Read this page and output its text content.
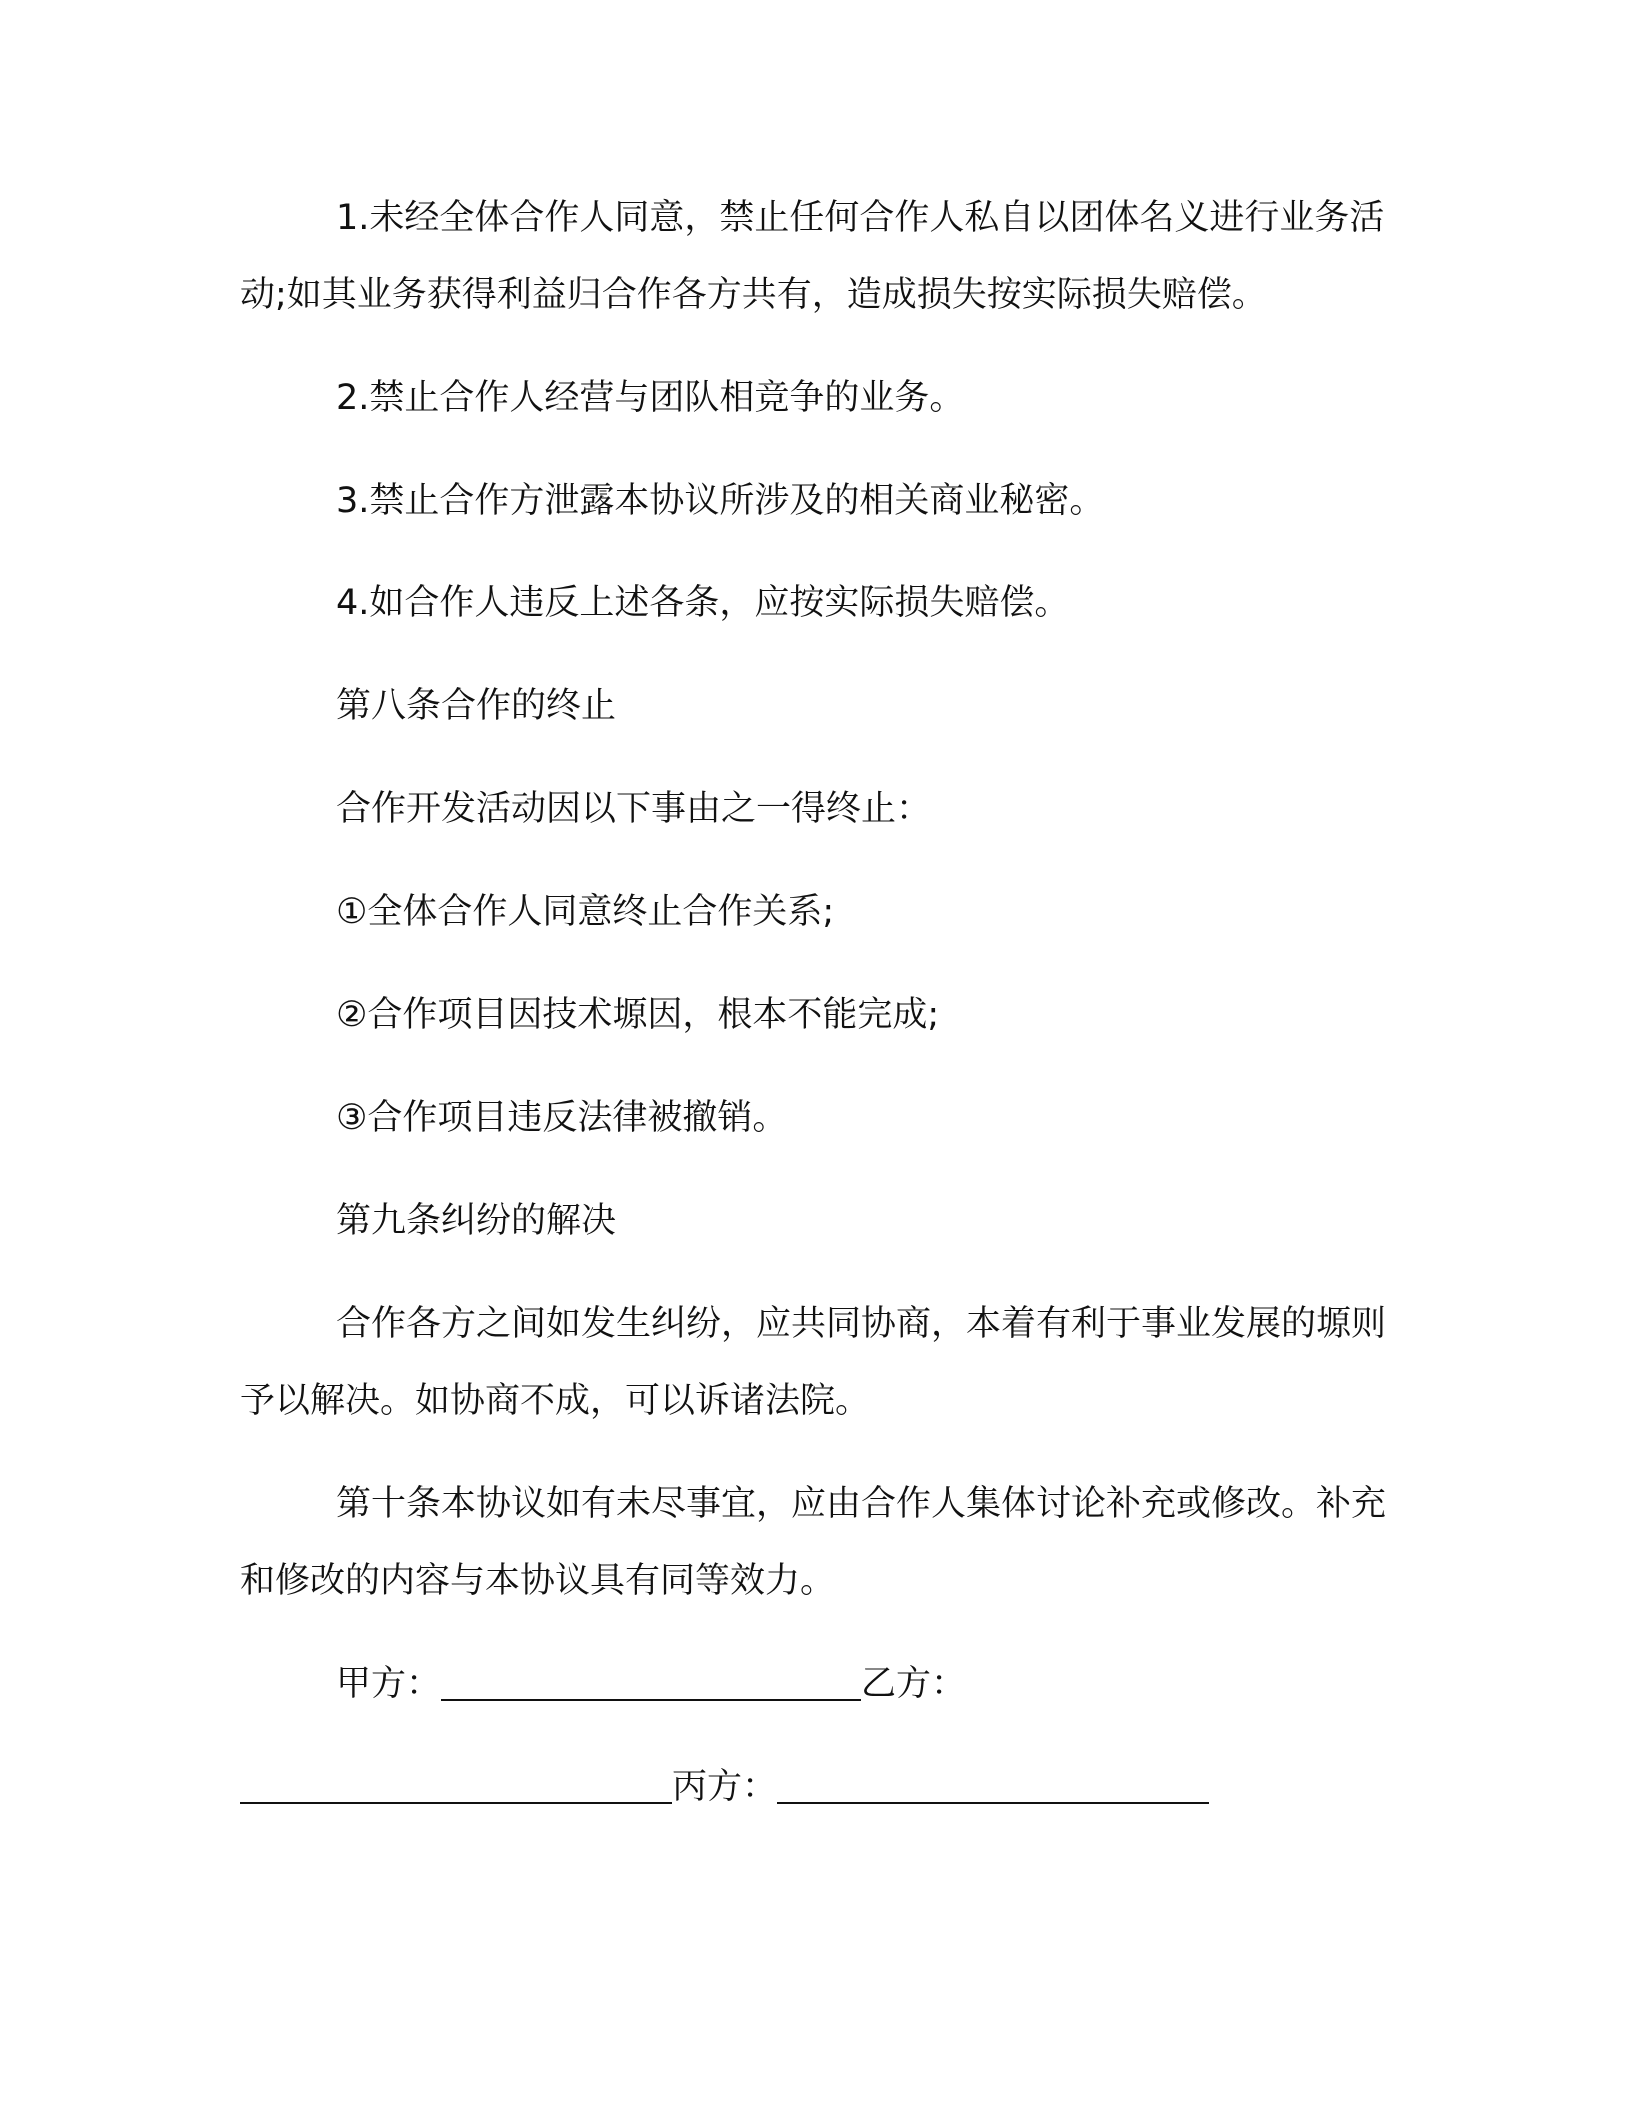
1.未经全体合作人同意，禁止任何合作人私自以团体名义进行业务活动;如其业务获得利益归合作各方共有，造成损失按实际损失赔偿。
2.禁止合作人经营与团队相竞争的业务。
3.禁止合作方泄露本协议所涉及的相关商业秘密。
4.如合作人违反上述各条，应按实际损失赔偿。
第八条合作的终止
合作开发活动因以下事由之一得终止：
①全体合作人同意终止合作关系;
②合作项目因技术塬因，根本不能完成;
③合作项目违反法律被撤销。
第九条纠纷的解决
合作各方之间如发生纠纷，应共同协商，本着有利于事业发展的塬则予以解决。如协商不成，可以诉诸法院。
第十条本协议如有未尽事宜，应由合作人集体讨论补充或修改。补充和修改的内容与本协议具有同等效力。
甲方：	乙方：
丙方：
